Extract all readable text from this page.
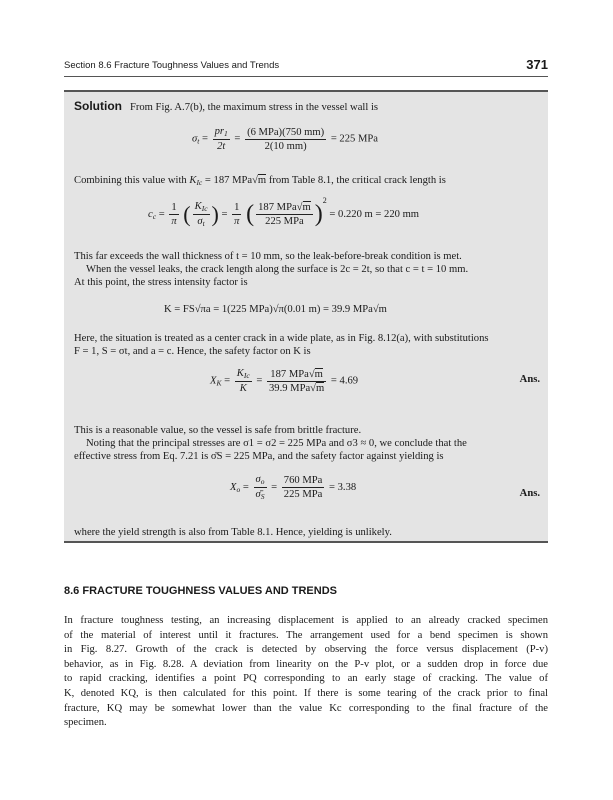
Section 8.6 Fracture Toughness Values and Trends	371
Solution From Fig. A.7(b), the maximum stress in the vessel wall is
$\sigma_t = \frac{pr_1}{2t} = \frac{\text{(6 MPa)(750 mm)}}{2(10 mm)} = 225$ MPa
Combining this value with $K_{Ic} = 187$ MPa√m from Table 8.1, the critical crack length is
$c_c = \frac{1}{\pi}$ ( $\frac{K_{Ic}}{\sigma_t}$ ) = $\frac{1}{\pi}$ ( $\frac{\text{187 MPa√m}}{\text{225 MPa}} )^2 = 0.220$ m = 220 mm
This far exceeds the wall thickness of t = 10 mm, so the leak-before-break condition is met.
When the vessel leaks, the crack length along the surface is 2c = 2t, so that c = t = 10 mm.
At this point, the stress intensity factor is
K = FS√πa = 1(225 MPa)√π(0.01 m) = 39.9 MPa√m
Here, the situation is treated as a center crack in a wide plate, as in Fig. 8.12(a), with substitutions
F = 1, S = σt, and a = c. Hence, the safety factor on K is
$X_K = \frac{K_{Ic}}{K} = \frac{\text{187 MPa√m}}{\text{39.9 MPa√m}} = 4.69$	Ans.
This is a reasonable value, so the vessel is safe from brittle fracture.
Noting that the principal stresses are σ1 = σ2 = 225 MPa and σ3 ≈ 0, we conclude that the
effective stress from Eq. 7.21 is σ̄S = 225 MPa, and the safety factor against yielding is
$X_o = \frac{\sigma_o}{\sigmā_S} = \frac{\text{760 MPa}}{\text{225 MPa}} = 3.38$
Ans.
where the yield strength is also from Table 8.1. Hence, yielding is unlikely.
8.6 FRACTURE TOUGHNESS VALUES AND TRENDS
In fracture toughness testing, an increasing displacement is applied to an already cracked specimen
of the material of interest until it fractures. The arrangement used for a bend specimen is shown
in Fig. 8.27. Growth of the crack is detected by observing the force versus displacement (P-v)
behavior, as in Fig. 8.28. A deviation from linearity on the P-v plot, or a sudden drop in force due
to rapid cracking, identifies a point PQ corresponding to an early stage of cracking. The value of
K, denoted KQ, is then calculated for this point. If there is some tearing of the crack prior to final
fracture, KQ may be somewhat lower than the value Kc corresponding to the final fracture of the
specimen.
